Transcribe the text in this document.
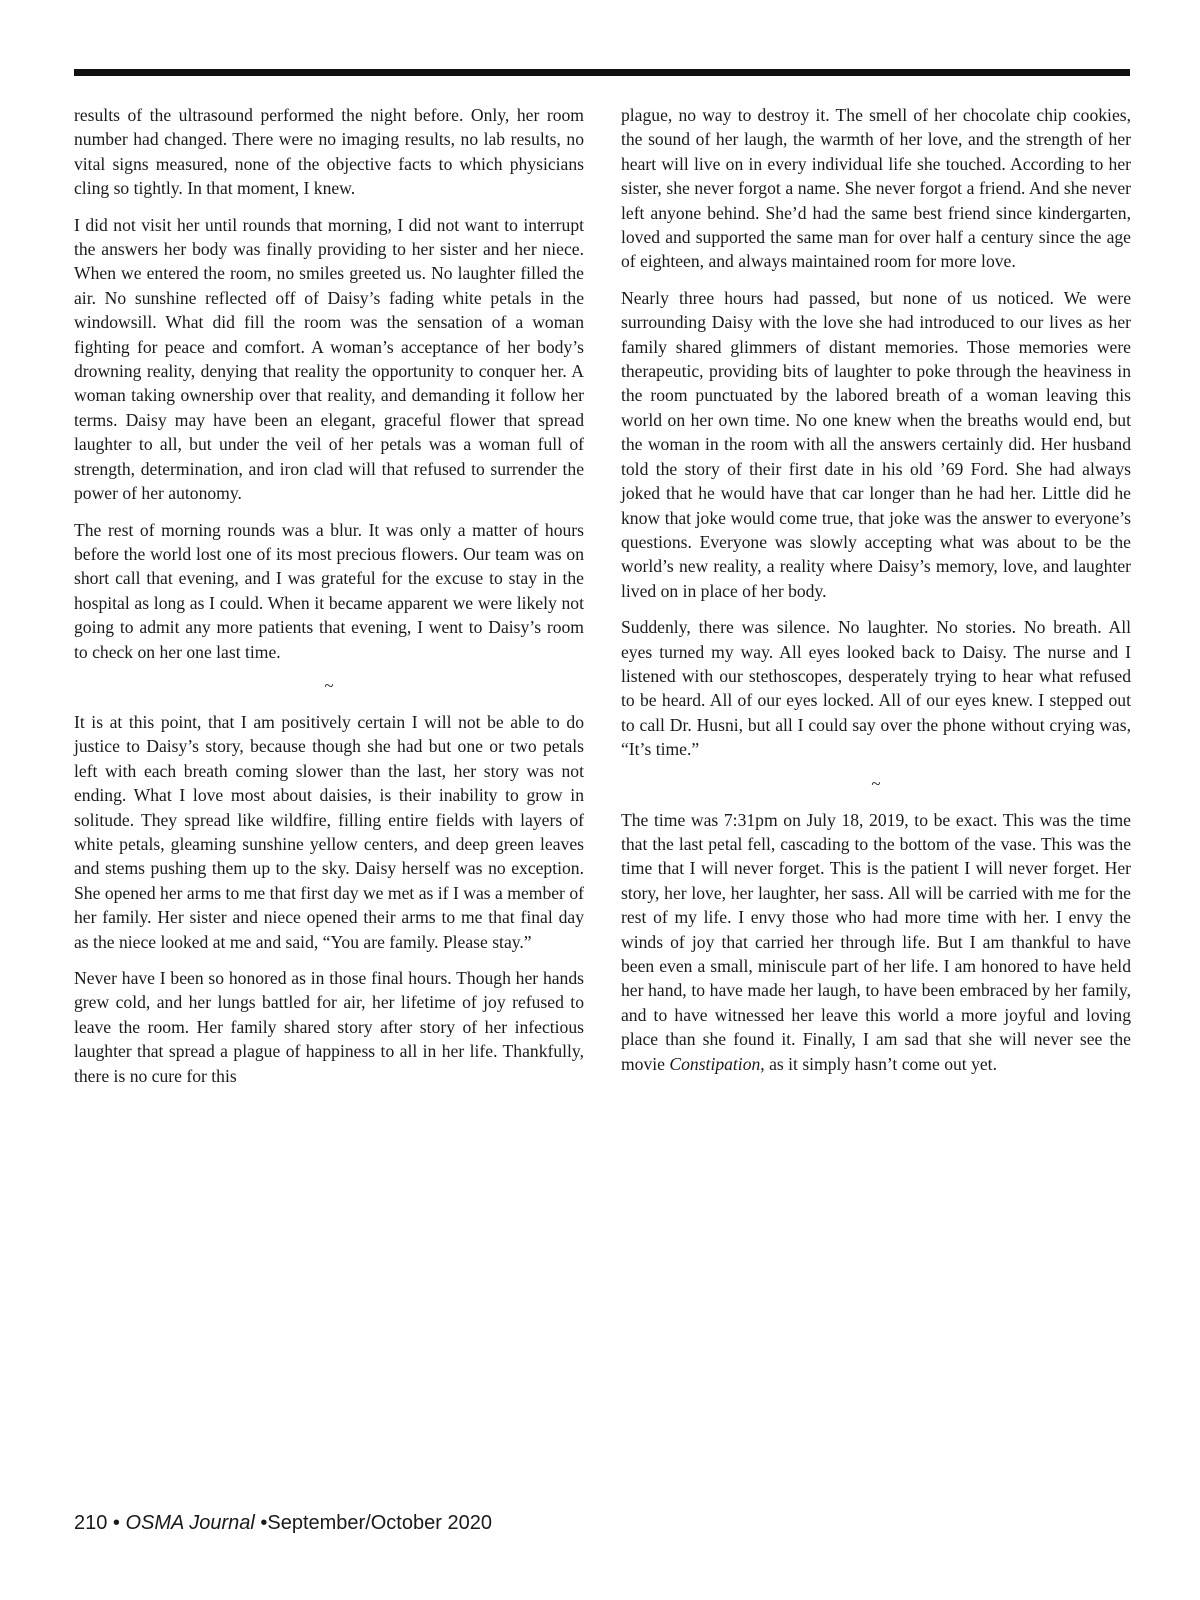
results of the ultrasound performed the night before. Only, her room number had changed. There were no imaging results, no lab results, no vital signs measured, none of the objective facts to which physicians cling so tightly. In that moment, I knew.

I did not visit her until rounds that morning, I did not want to interrupt the answers her body was finally providing to her sister and her niece. When we entered the room, no smiles greeted us. No laughter filled the air. No sunshine reflected off of Daisy’s fading white petals in the windowsill. What did fill the room was the sensation of a woman fighting for peace and comfort. A woman’s acceptance of her body’s drowning reality, denying that reality the opportunity to conquer her. A woman taking ownership over that reality, and demanding it follow her terms. Daisy may have been an elegant, graceful flower that spread laughter to all, but under the veil of her petals was a woman full of strength, determination, and iron clad will that refused to surrender the power of her autonomy.

The rest of morning rounds was a blur. It was only a matter of hours before the world lost one of its most precious flowers. Our team was on short call that evening, and I was grateful for the excuse to stay in the hospital as long as I could. When it became apparent we were likely not going to admit any more patients that evening, I went to Daisy’s room to check on her one last time.

~

It is at this point, that I am positively certain I will not be able to do justice to Daisy’s story, because though she had but one or two petals left with each breath coming slower than the last, her story was not ending. What I love most about daisies, is their inability to grow in solitude. They spread like wildfire, filling entire fields with layers of white petals, gleaming sunshine yellow centers, and deep green leaves and stems pushing them up to the sky. Daisy herself was no exception. She opened her arms to me that first day we met as if I was a member of her family. Her sister and niece opened their arms to me that final day as the niece looked at me and said, “You are family. Please stay.”

Never have I been so honored as in those final hours. Though her hands grew cold, and her lungs battled for air, her lifetime of joy refused to leave the room. Her family shared story after story of her infectious laughter that spread a plague of happiness to all in her life. Thankfully, there is no cure for this

plague, no way to destroy it. The smell of her chocolate chip cookies, the sound of her laugh, the warmth of her love, and the strength of her heart will live on in every individual life she touched. According to her sister, she never forgot a name. She never forgot a friend. And she never left anyone behind. She’d had the same best friend since kindergarten, loved and supported the same man for over half a century since the age of eighteen, and always maintained room for more love.

Nearly three hours had passed, but none of us noticed. We were surrounding Daisy with the love she had introduced to our lives as her family shared glimmers of distant memories. Those memories were therapeutic, providing bits of laughter to poke through the heaviness in the room punctuated by the labored breath of a woman leaving this world on her own time. No one knew when the breaths would end, but the woman in the room with all the answers certainly did. Her husband told the story of their first date in his old ’69 Ford. She had always joked that he would have that car longer than he had her. Little did he know that joke would come true, that joke was the answer to everyone’s questions. Everyone was slowly accepting what was about to be the world’s new reality, a reality where Daisy’s memory, love, and laughter lived on in place of her body.

Suddenly, there was silence. No laughter. No stories. No breath. All eyes turned my way. All eyes looked back to Daisy. The nurse and I listened with our stethoscopes, desperately trying to hear what refused to be heard. All of our eyes locked. All of our eyes knew. I stepped out to call Dr. Husni, but all I could say over the phone without crying was, “It’s time.”

~

The time was 7:31pm on July 18, 2019, to be exact. This was the time that the last petal fell, cascading to the bottom of the vase. This was the time that I will never forget. This is the patient I will never forget. Her story, her love, her laughter, her sass. All will be carried with me for the rest of my life. I envy those who had more time with her. I envy the winds of joy that carried her through life. But I am thankful to have been even a small, miniscule part of her life. I am honored to have held her hand, to have made her laugh, to have been embraced by her family, and to have witnessed her leave this world a more joyful and loving place than she found it. Finally, I am sad that she will never see the movie Constipation, as it simply hasn’t come out yet.

210 • OSMA Journal •September/October 2020
